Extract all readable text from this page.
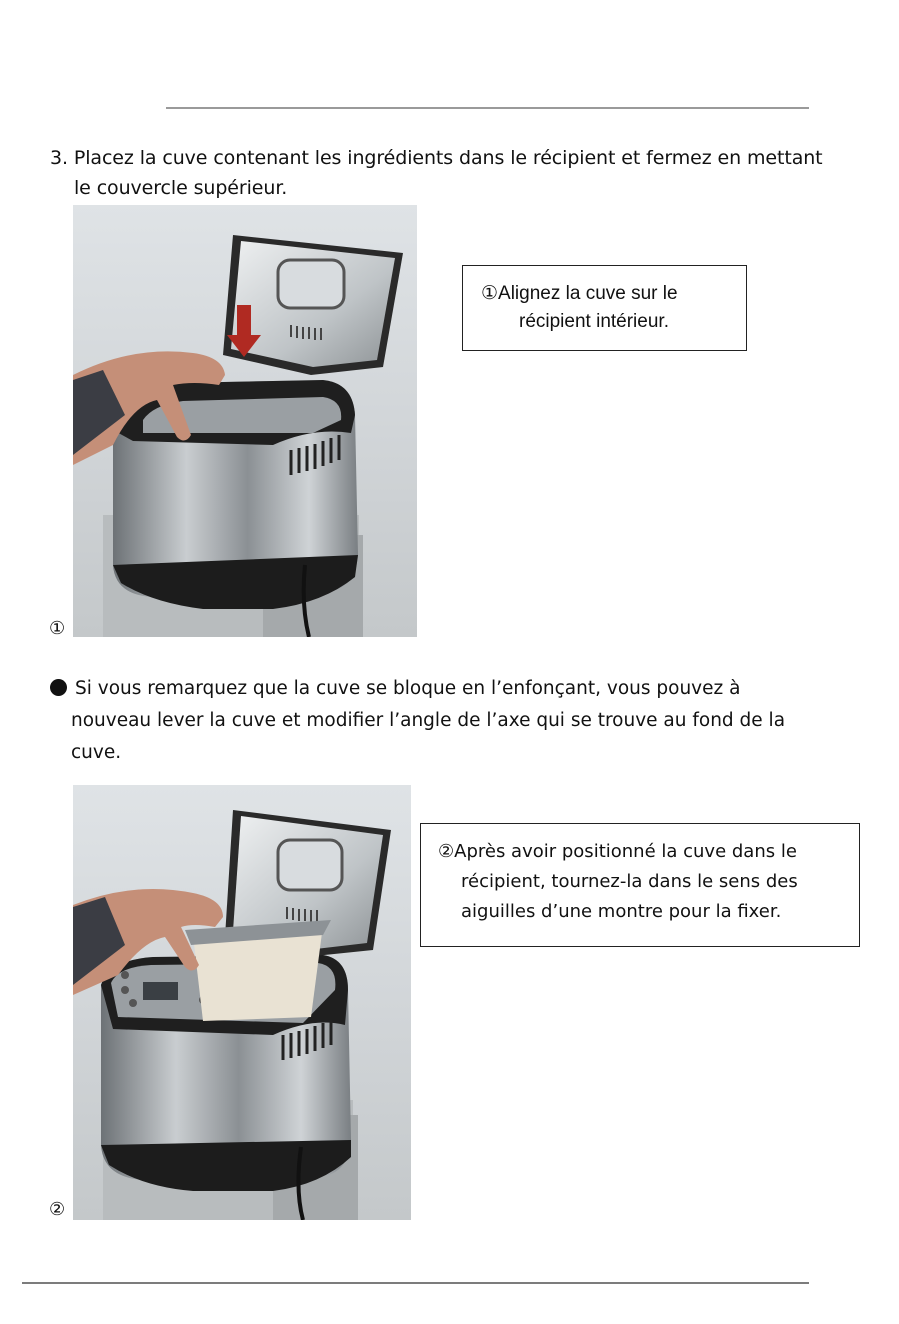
3. Placez la cuve contenant les ingrédients dans le récipient et fermez en mettant
le couvercle supérieur.
①
①Alignez la cuve sur le
récipient intérieur.
Si vous remarquez que la cuve se bloque en l’enfonçant, vous pouvez à
nouveau lever la cuve et modifier l’angle de l’axe qui se trouve au fond de la
cuve.
②
②Après avoir positionné la cuve dans le
récipient, tournez-la dans le sens des
aiguilles d’une montre pour la fixer.
